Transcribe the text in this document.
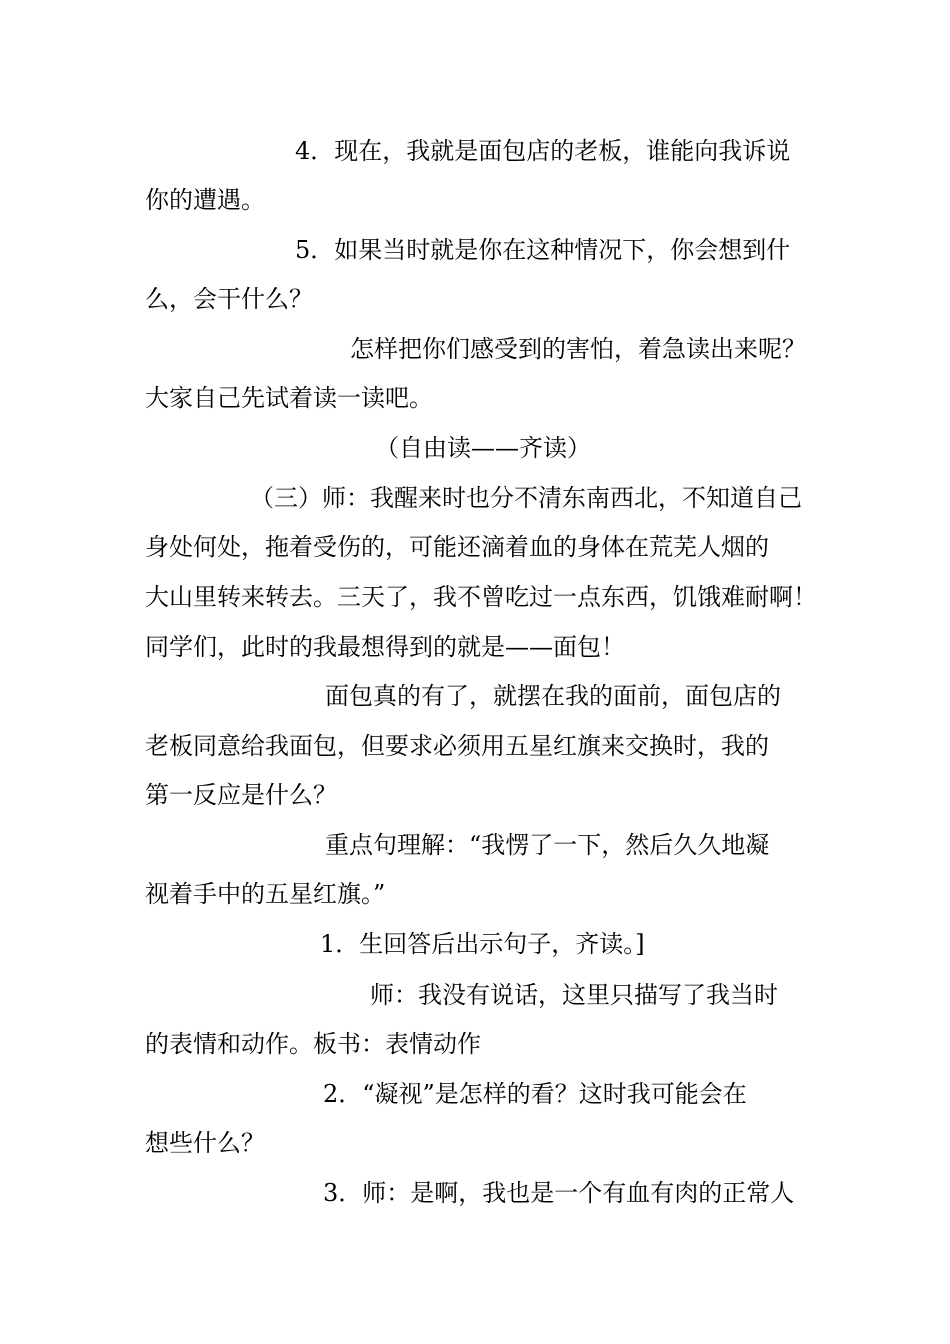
4．现在，我就是面包店的老板，谁能向我诉说
你的遭遇。
5．如果当时就是你在这种情况下，你会想到什
么，会干什么？
怎样把你们感受到的害怕，着急读出来呢？
大家自己先试着读一读吧。
（自由读——齐读）
（三）师：我醒来时也分不清东南西北，不知道自己
身处何处，拖着受伤的，可能还滴着血的身体在荒芜人烟的
大山里转来转去。三天了，我不曾吃过一点东西，饥饿难耐啊！
同学们，此时的我最想得到的就是——面包！
面包真的有了，就摆在我的面前，面包店的
老板同意给我面包，但要求必须用五星红旗来交换时，我的
第一反应是什么？
重点句理解：“我愣了一下，然后久久地凝
视着手中的五星红旗。”
1．生回答后出示句子，齐读。]
师：我没有说话，这里只描写了我当时
的表情和动作。板书：表情动作
2．“凝视”是怎样的看？这时我可能会在
想些什么？
3．师：是啊，我也是一个有血有肉的正常人
